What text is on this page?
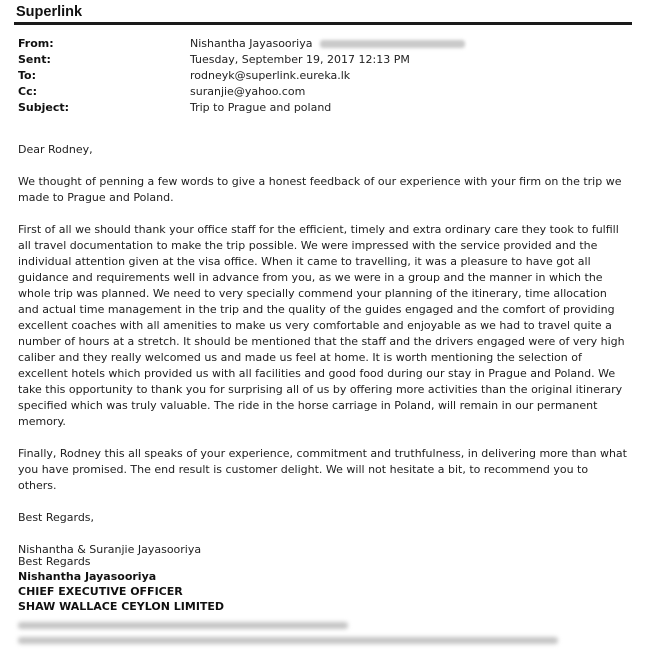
Superlink
From:	Nishantha Jayasooriya
Sent:	Tuesday, September 19, 2017 12:13 PM
To:	rodneyk@superlink.eureka.lk
Cc:	suranjie@yahoo.com
Subject:	Trip to Prague and poland

Dear Rodney,

We thought of penning a few words to give a honest feedback of our experience with your firm on the trip we made to Prague and Poland.

First of all we should thank your office staff for the efficient, timely and extra ordinary care they took to fulfill all travel documentation to make the trip possible. We were impressed with the service provided and the individual attention given at the visa office. When it came to travelling, it was a pleasure to have got all guidance and requirements well in advance from you, as we were in a group and the manner in which the whole trip was planned. We need to very specially commend your planning of the itinerary, time allocation and actual time management in the trip and the quality of the guides engaged and the comfort of providing excellent coaches with all amenities to make us very comfortable and enjoyable as we had to travel quite a number of hours at a stretch. It should be mentioned that the staff and the drivers engaged were of very high caliber and they really welcomed us and made us feel at home. It is worth mentioning the selection of excellent hotels which provided us with all facilities and good food during our stay in Prague and Poland. We take this opportunity to thank you for surprising all of us by offering more activities than the original itinerary specified which was truly valuable. The ride in the horse carriage in Poland, will remain in our permanent memory.

Finally, Rodney this all speaks of your experience, commitment and truthfulness, in delivering more than what you have promised. The end result is customer delight. We will not hesitate a bit, to recommend you to others.

Best Regards,

Nishantha & Suranjie Jayasooriya

Best Regards
Nishantha Jayasooriya
CHIEF EXECUTIVE OFFICER
SHAW WALLACE CEYLON LIMITED
